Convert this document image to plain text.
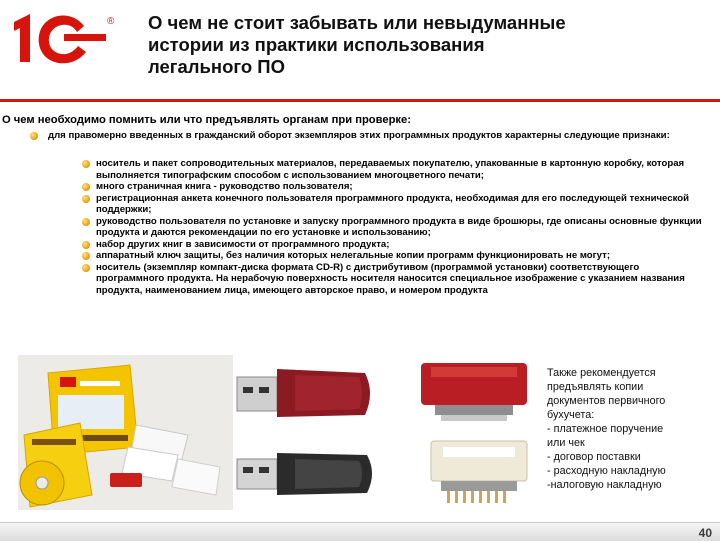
® О чем не стоит забывать или невыдуманные
истории из практики использования
легального ПО
О чем необходимо помнить или что предъявлять органам при проверке:
для правомерно введенных в гражданский оборот экземпляров этих программных продуктов характерны следующие признаки:
носитель и пакет сопроводительных материалов, передаваемых покупателю, упакованные в картонную коробку, которая выполняется типографским способом с использованием многоцветного печати;
много страничная книга - руководство пользователя;
регистрационная анкета конечного пользователя программного продукта, необходимая для его последующей технической поддержки;
руководство пользователя по установке и запуску программного продукта в виде брошюры, где описаны основные функции продукта и даются рекомендации по его установке и использованию;
набор других книг в зависимости от программного продукта;
аппаратный ключ защиты, без наличия которых нелегальные копии программ функционировать не могут;
носитель (экземпляр компакт-диска формата CD-R) с дистрибутивом (программой установки) соответствующего программного продукта. На нерабочую поверхность носителя наносится специальное изображение с указанием названия продукта, наименованием лица, имеющего авторское право, и номером продукта
Также рекомендуется
предъявлять копии
документов первичного
бухучета:
- платежное поручение
или чек
- договор поставки
- расходную накладную
-налоговую накладную
40
